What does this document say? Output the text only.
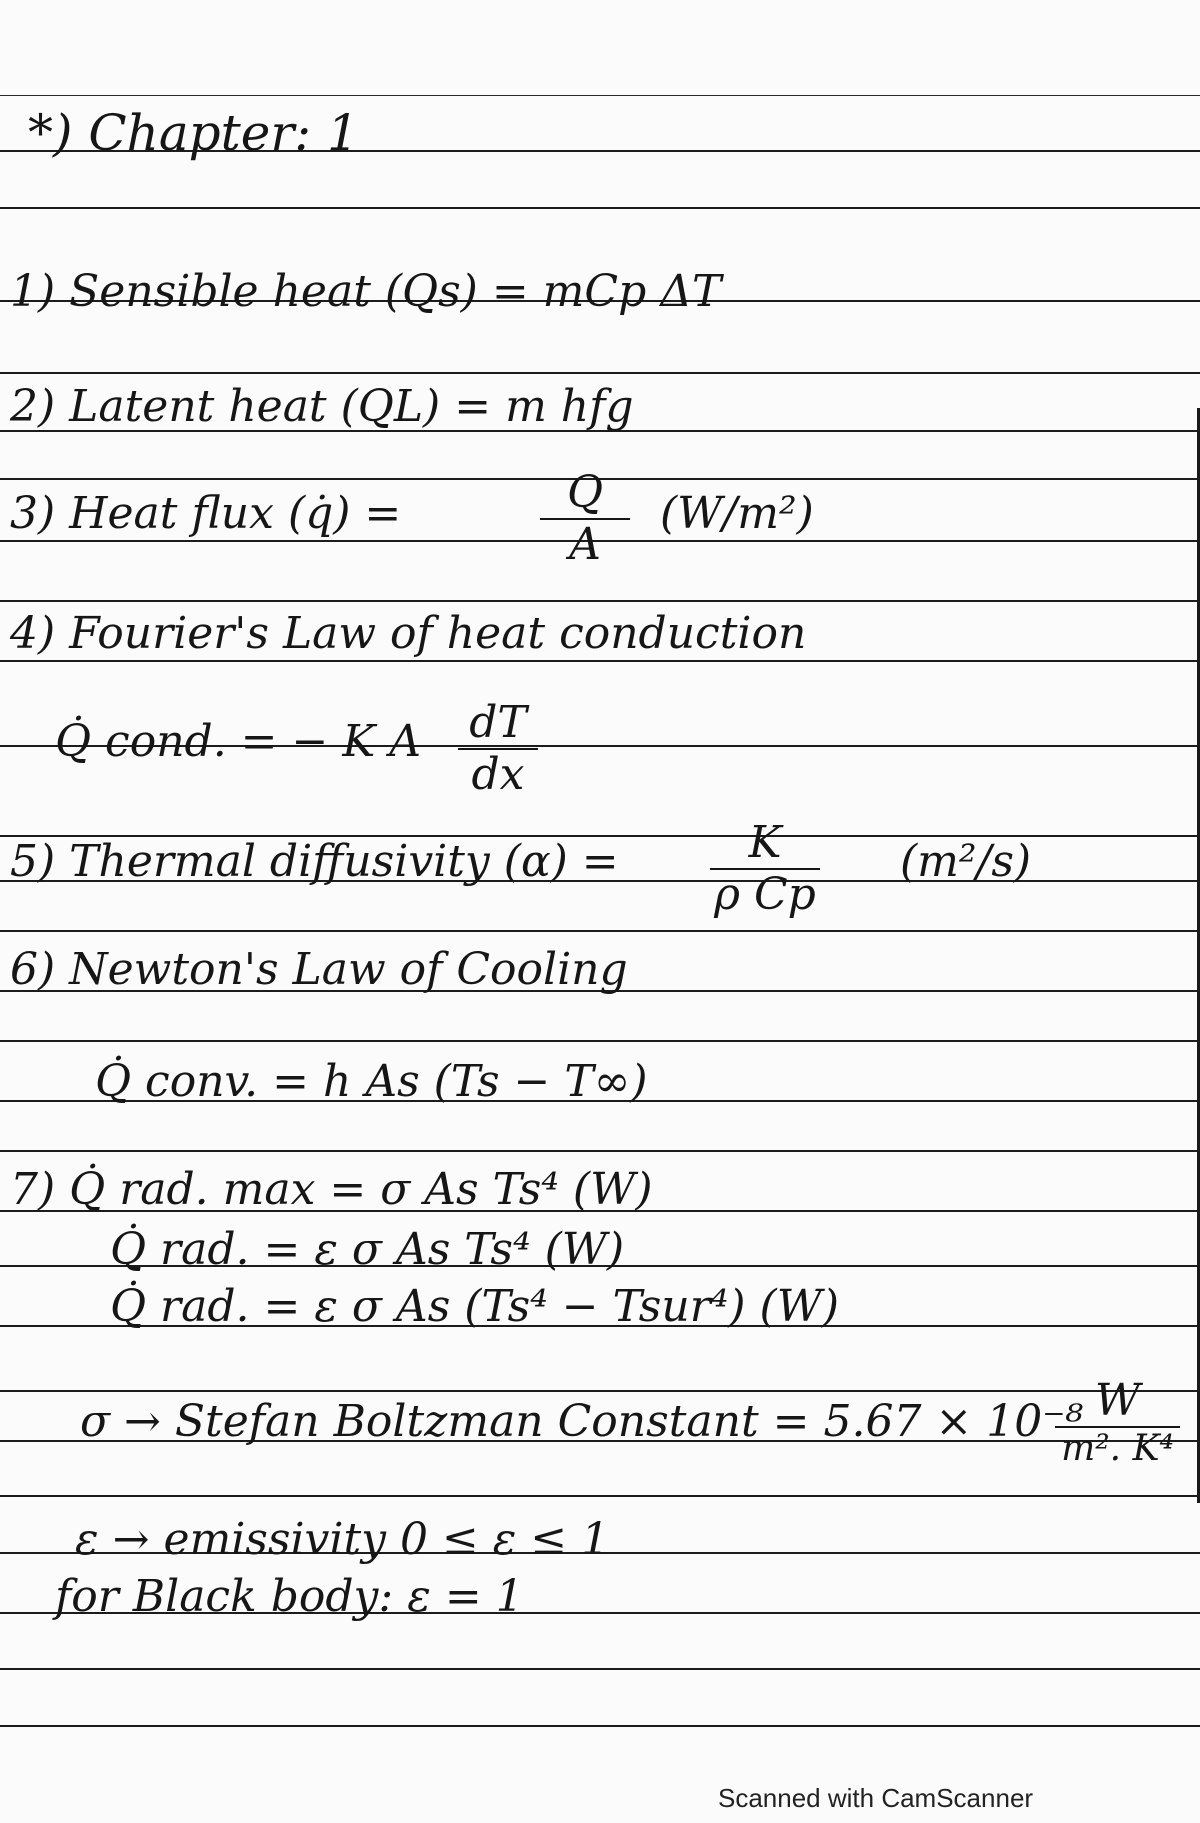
*) Chapter: 1
1) Sensible heat (Qs) = mCp ΔT
2) Latent heat (QL) = m hfg
3) Heat flux (q̇) =	Q
A
(W/m²)
4) Fourier's Law of heat conduction
Q̇ cond. = − K A dT
dx
5) Thermal diffusivity (α) =	K
ρ Cp
(m²/s)
6) Newton's Law of Cooling
Q̇ conv. = h As (Ts − T∞)
7) Q̇ rad. max = σ As Ts⁴ (W)
Q̇ rad. = ε σ As Ts⁴ (W)
Q̇ rad. = ε σ As (Ts⁴ − Tsur⁴) (W)
σ → Stefan Boltzman Constant = 5.67 × 10⁻⁸ W
m². K⁴
ε → emissivity 0 ≤ ε ≤ 1
for Black body: ε = 1
Scanned with CamScanner
